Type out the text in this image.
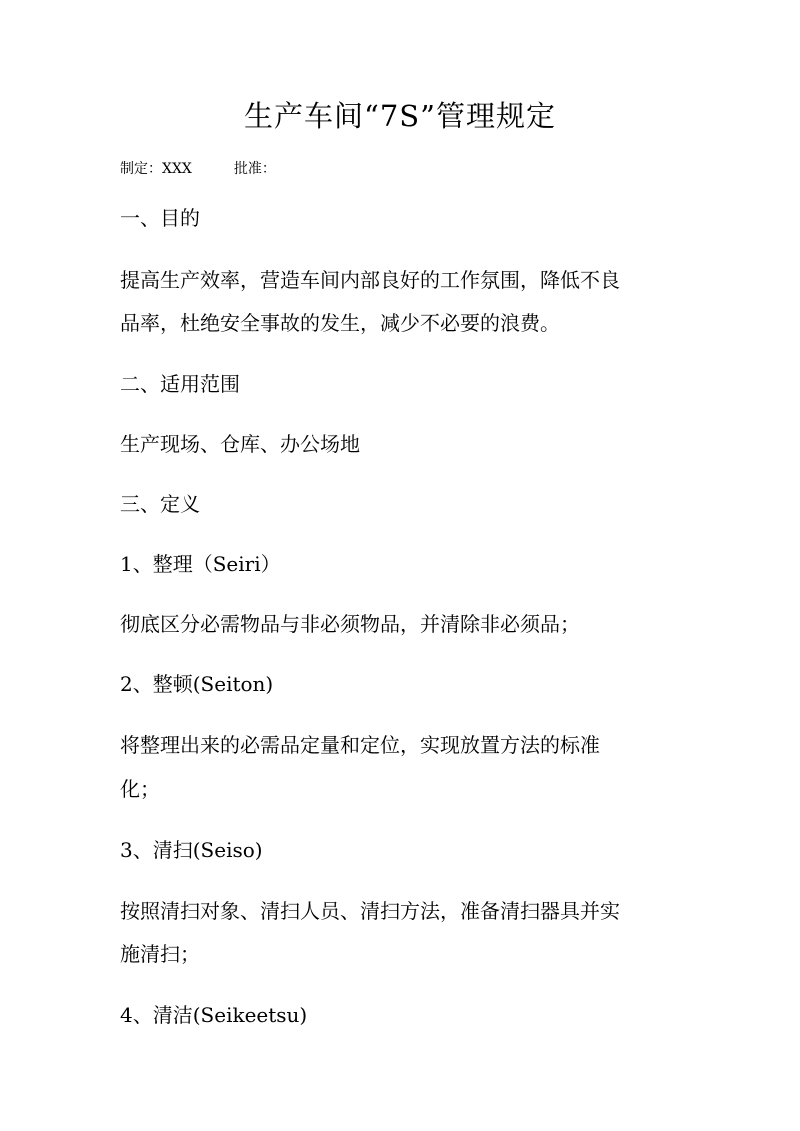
生产车间“7S”管理规定
制定：XXX	批准：

一、目的

提高生产效率，营造车间内部良好的工作氛围，降低不良

品率，杜绝安全事故的发生，减少不必要的浪费。

二、适用范围

生产现场、仓库、办公场地

三、定义

1、整理（Seiri）

彻底区分必需物品与非必须物品，并清除非必须品；

2、整顿(Seiton)

将整理出来的必需品定量和定位，实现放置方法的标准

化；

3、清扫(Seiso)

按照清扫对象、清扫人员、清扫方法，准备清扫器具并实

施清扫；

4、清洁(Seikeetsu)
